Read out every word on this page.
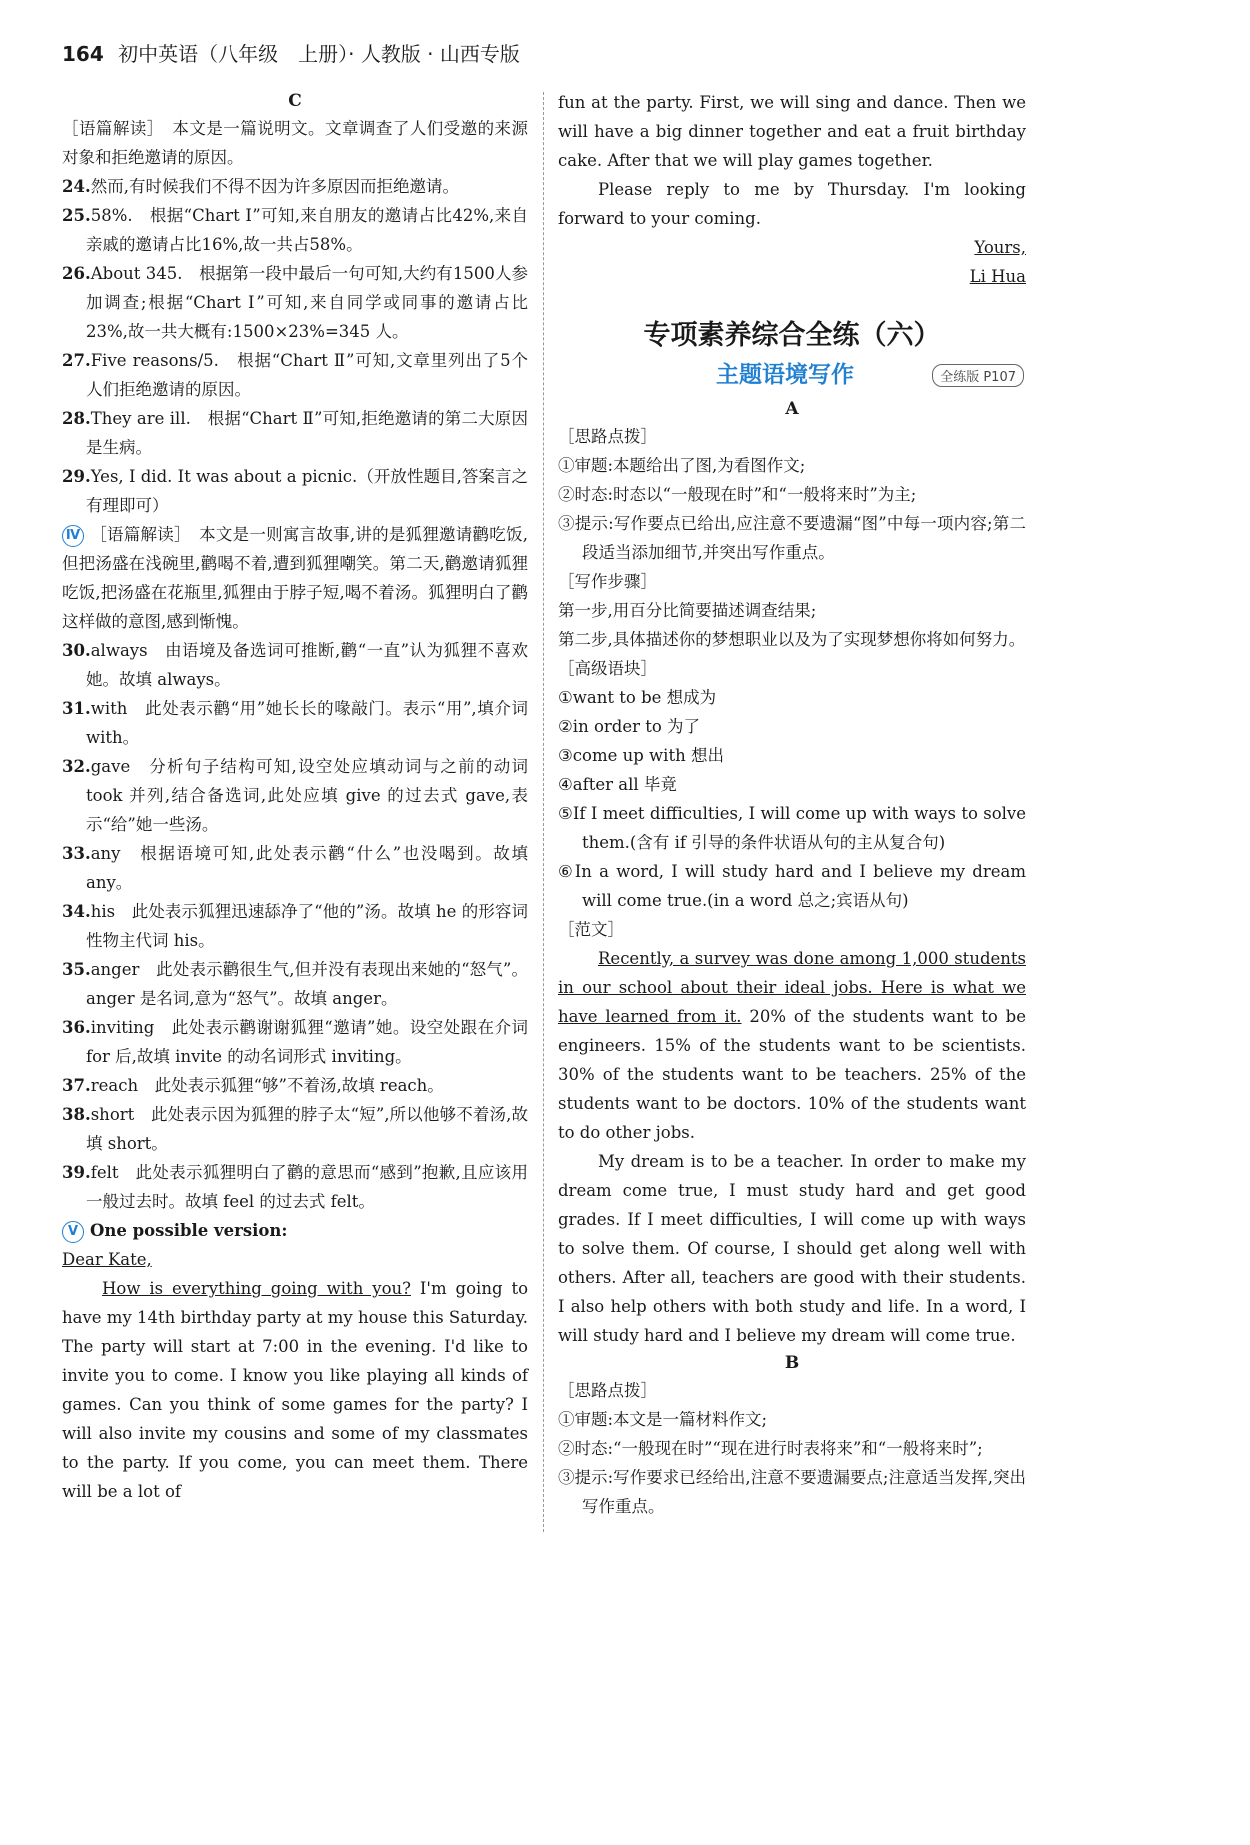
164 初中英语（八年级　上册）· 人教版 · 山西专版

C

［语篇解读］　本文是一篇说明文。文章调查了人们受邀的来源对象和拒绝邀请的原因。

24.然而,有时候我们不得不因为许多原因而拒绝邀请。

25.58%.　根据“Chart Ⅰ”可知,来自朋友的邀请占比42%,来自亲戚的邀请占比16%,故一共占58%。

26.About 345.　根据第一段中最后一句可知,大约有1500人参加调查;根据“Chart Ⅰ”可知,来自同学或同事的邀请占比23%,故一共大概有:1500×23%=345 人。

27.Five reasons/5.　根据“Chart Ⅱ”可知,文章里列出了5个人们拒绝邀请的原因。

28.They are ill.　根据“Chart Ⅱ”可知,拒绝邀请的第二大原因是生病。

29.Yes, I did. It was about a picnic.（开放性题目,答案言之有理即可）

Ⅳ ［语篇解读］　本文是一则寓言故事,讲的是狐狸邀请鹳吃饭,但把汤盛在浅碗里,鹳喝不着,遭到狐狸嘲笑。第二天,鹳邀请狐狸吃饭,把汤盛在花瓶里,狐狸由于脖子短,喝不着汤。狐狸明白了鹳这样做的意图,感到惭愧。

30.always　由语境及备选词可推断,鹳“一直”认为狐狸不喜欢她。故填 always。

31.with　此处表示鹳“用”她长长的喙敲门。表示“用”,填介词 with。

32.gave　分析句子结构可知,设空处应填动词与之前的动词 took 并列,结合备选词,此处应填 give 的过去式 gave,表示“给”她一些汤。

33.any　根据语境可知,此处表示鹳“什么”也没喝到。故填 any。

34.his　此处表示狐狸迅速舔净了“他的”汤。故填 he 的形容词性物主代词 his。

35.anger　此处表示鹳很生气,但并没有表现出来她的“怒气”。anger 是名词,意为“怒气”。故填 anger。

36.inviting　此处表示鹳谢谢狐狸“邀请”她。设空处跟在介词 for 后,故填 invite 的动名词形式 inviting。

37.reach　此处表示狐狸“够”不着汤,故填 reach。

38.short　此处表示因为狐狸的脖子太“短”,所以他够不着汤,故填 short。

39.felt　此处表示狐狸明白了鹳的意思而“感到”抱歉,且应该用一般过去时。故填 feel 的过去式 felt。

Ⅴ One possible version:

Dear Kate,

How is everything going with you? I'm going to have my 14th birthday party at my house this Saturday. The party will start at 7:00 in the evening. I'd like to invite you to come. I know you like playing all kinds of games. Can you think of some games for the party? I will also invite my cousins and some of my classmates to the party. If you come, you can meet them. There will be a lot of

fun at the party. First, we will sing and dance. Then we will have a big dinner together and eat a fruit birthday cake. After that we will play games together.

Please reply to me by Thursday. I'm looking forward to your coming.

Yours,

Li Hua

专项素养综合全练（六）
主题语境写作	全练版 P107

A

［思路点拨］

①审题:本题给出了图,为看图作文;

②时态:时态以“一般现在时”和“一般将来时”为主;

③提示:写作要点已给出,应注意不要遗漏“图”中每一项内容;第二段适当添加细节,并突出写作重点。

［写作步骤］

第一步,用百分比简要描述调查结果;

第二步,具体描述你的梦想职业以及为了实现梦想你将如何努力。

［高级语块］

①want to be 想成为

②in order to 为了

③come up with 想出

④after all 毕竟

⑤If I meet difficulties, I will come up with ways to solve them.(含有 if 引导的条件状语从句的主从复合句)

⑥In a word, I will study hard and I believe my dream will come true.(in a word 总之;宾语从句)

［范文］

Recently, a survey was done among 1,000 students in our school about their ideal jobs. Here is what we have learned from it. 20% of the students want to be engineers. 15% of the students want to be scientists. 30% of the students want to be teachers. 25% of the students want to be doctors. 10% of the students want to do other jobs.

My dream is to be a teacher. In order to make my dream come true, I must study hard and get good grades. If I meet difficulties, I will come up with ways to solve them. Of course, I should get along well with others. After all, teachers are good with their students. I also help others with both study and life. In a word, I will study hard and I believe my dream will come true.

B

［思路点拨］

①审题:本文是一篇材料作文;

②时态:“一般现在时”“现在进行时表将来”和“一般将来时”;

③提示:写作要求已经给出,注意不要遗漏要点;注意适当发挥,突出写作重点。
